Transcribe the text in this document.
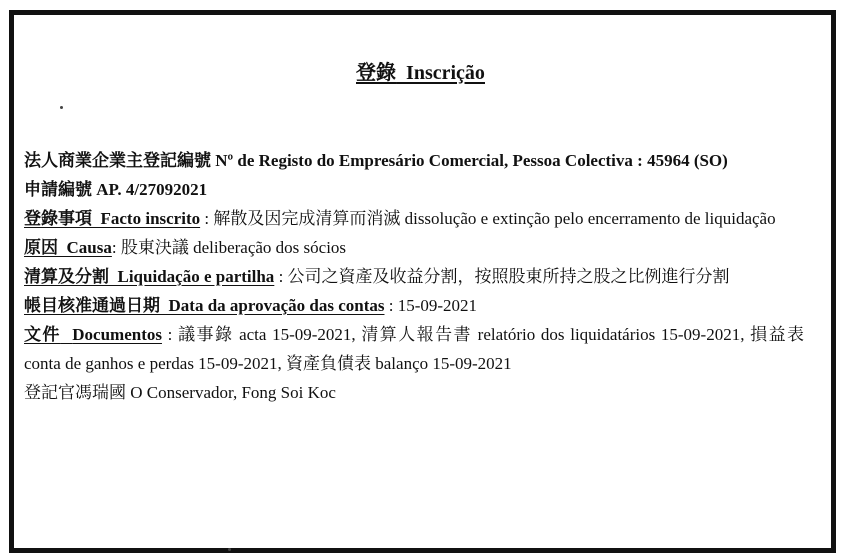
登錄 Inscrição
法人商業企業主登記編號 Nº de Registo do Empresário Comercial, Pessoa Colectiva : 45964 (SO)
申請編號 AP. 4/27092021
登錄事項 Facto inscrito : 解散及因完成清算而消滅 dissolução e extinção pelo encerramento de liquidação
原因 Causa: 股東決議 deliberação dos sócios
清算及分割 Liquidação e partilha : 公司之資產及收益分割，按照股東所持之股之比例進行分割
帳目核准通過日期 Data da aprovação das contas : 15-09-2021
文件 Documentos : 議事錄 acta 15-09-2021, 清算人報告書 relatório dos liquidatários 15-09-2021, 損益表 conta de ganhos e perdas 15-09-2021, 資產負債表 balanço 15-09-2021
登記官馮瑞國 O Conservador, Fong Soi Koc
